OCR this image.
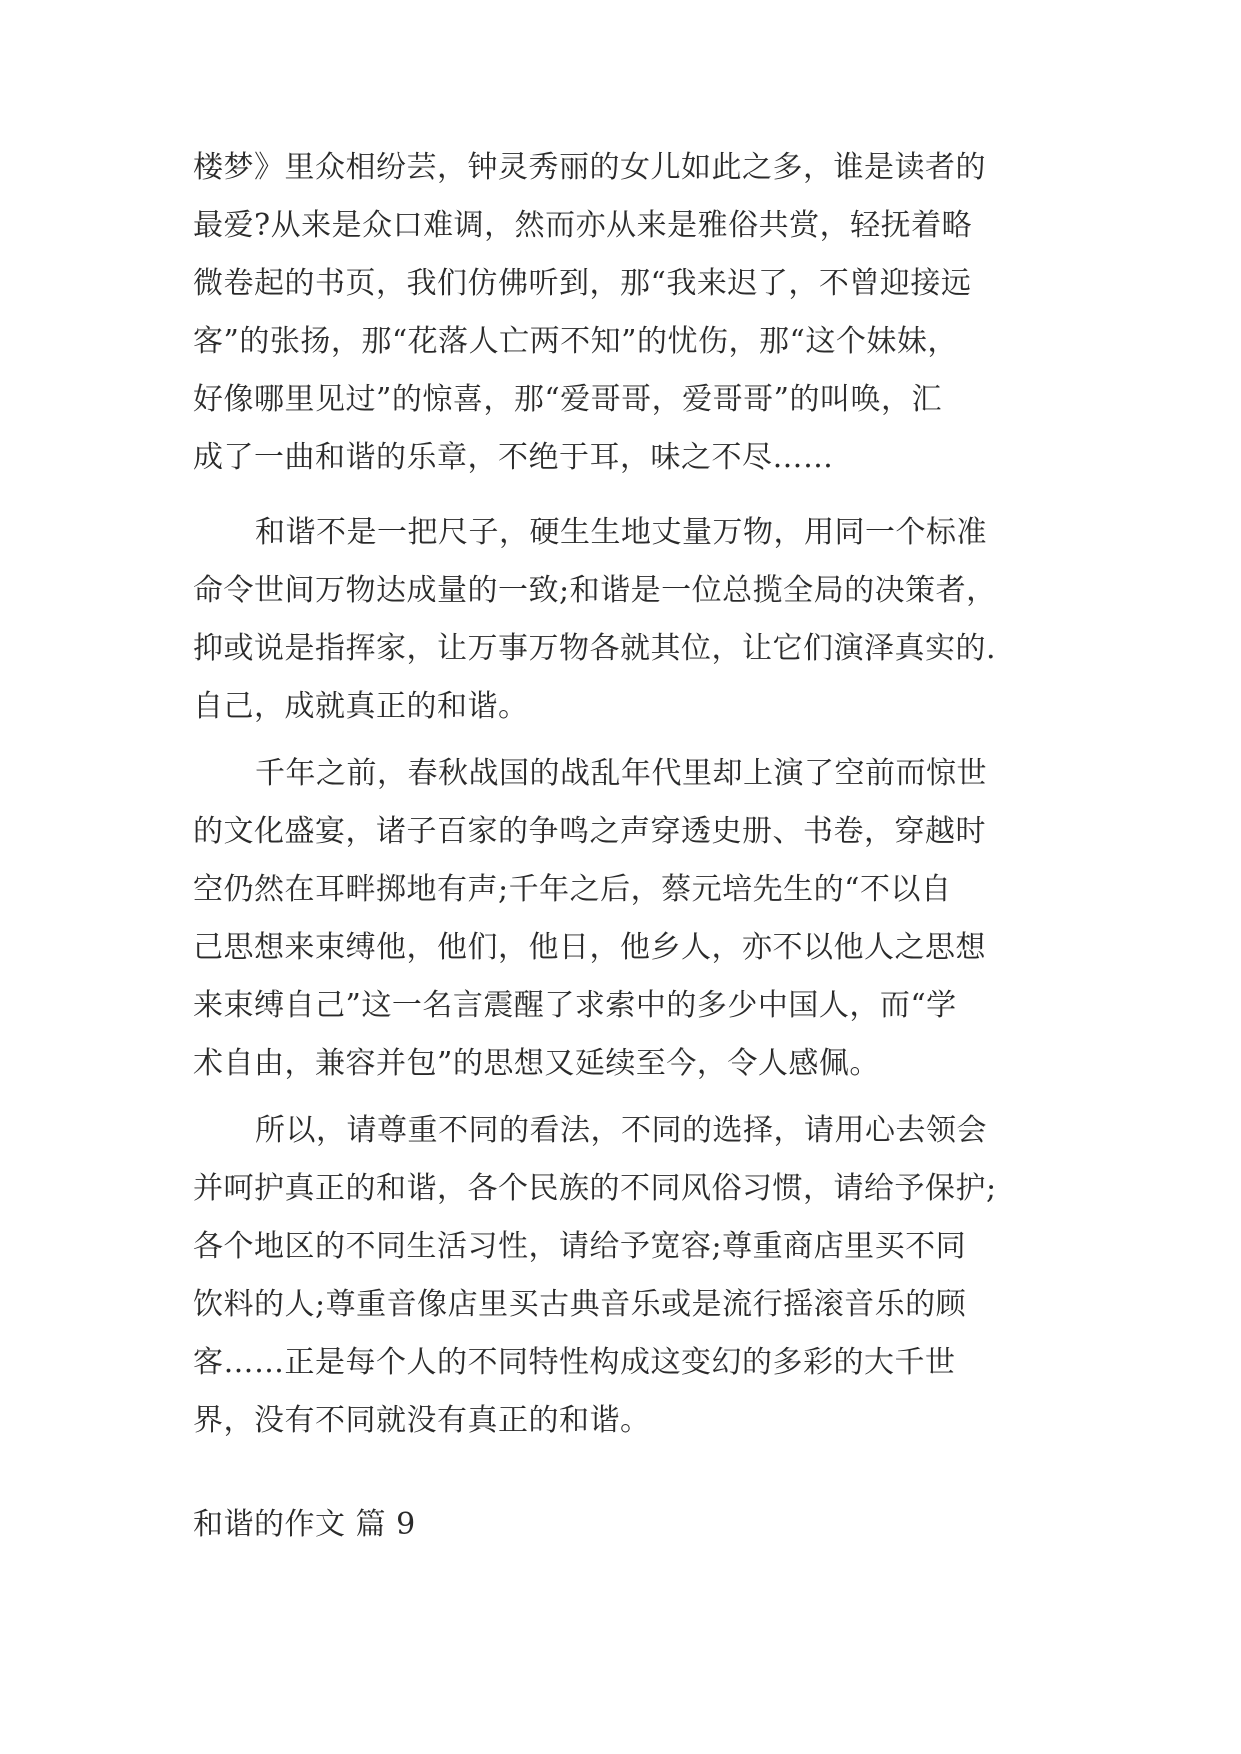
楼梦》里众相纷芸，钟灵秀丽的女儿如此之多，谁是读者的
最爱?从来是众口难调，然而亦从来是雅俗共赏，轻抚着略
微卷起的书页，我们仿佛听到，那“我来迟了，不曾迎接远
客”的张扬，那“花落人亡两不知”的忧伤，那“这个妹妹，
好像哪里见过”的惊喜，那“爱哥哥，爱哥哥”的叫唤，汇
成了一曲和谐的乐章，不绝于耳，味之不尽……
和谐不是一把尺子，硬生生地丈量万物，用同一个标准
命令世间万物达成量的一致;和谐是一位总揽全局的决策者，
抑或说是指挥家，让万事万物各就其位，让它们演泽真实的.
自己，成就真正的和谐。
千年之前，春秋战国的战乱年代里却上演了空前而惊世
的文化盛宴，诸子百家的争鸣之声穿透史册、书卷，穿越时
空仍然在耳畔掷地有声;千年之后，蔡元培先生的“不以自
己思想来束缚他，他们，他日，他乡人，亦不以他人之思想
来束缚自己”这一名言震醒了求索中的多少中国人，而“学
术自由，兼容并包”的思想又延续至今，令人感佩。
所以，请尊重不同的看法，不同的选择，请用心去领会
并呵护真正的和谐，各个民族的不同风俗习惯，请给予保护;
各个地区的不同生活习性，请给予宽容;尊重商店里买不同
饮料的人;尊重音像店里买古典音乐或是流行摇滚音乐的顾
客……正是每个人的不同特性构成这变幻的多彩的大千世
界，没有不同就没有真正的和谐。
和谐的作文 篇 9
